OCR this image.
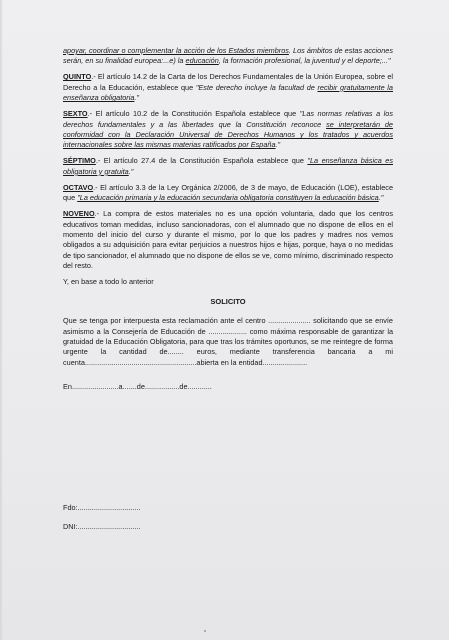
apoyar, coordinar o complementar la acción de los Estados miembros. Los ámbitos de estas acciones serán, en su finalidad europea:...e) la educación, la formación profesional, la juventud y el deporte;..."

QUINTO.- El artículo 14.2 de la Carta de los Derechos Fundamentales de la Unión Europea, sobre el Derecho a la Educación, establece que "Este derecho incluye la facultad de recibir gratuitamente la enseñanza obligatoria."

SEXTO.- El artículo 10.2 de la Constitución Española establece que "Las normas relativas a los derechos fundamentales y a las libertades que la Constitución reconoce se interpretarán de conformidad con la Declaración Universal de Derechos Humanos y los tratados y acuerdos internacionales sobre las mismas materias ratificados por España."

SÉPTIMO.- El artículo 27.4 de la Constitución Española establece que "La enseñanza básica es obligatoria y gratuita."

OCTAVO.- El artículo 3.3 de la Ley Orgánica 2/2006, de 3 de mayo, de Educación (LOE), establece que "La educación primaria y la educación secundaria obligatoria constituyen la educación básica."

NOVENO.- La compra de estos materiales no es una opción voluntaria, dado que los centros educativos toman medidas, incluso sancionadoras, con el alumnado que no dispone de ellos en el momento del inicio del curso y durante el mismo, por lo que los padres y madres nos vemos obligados a su adquisición para evitar perjuicios a nuestros hijos e hijas, porque, haya o no medidas de tipo sancionador, el alumnado que no dispone de ellos se ve, como mínimo, discriminado respecto del resto.

Y, en base a todo lo anterior

SOLICITO

Que se tenga por interpuesta esta reclamación ante el centro ..................... solicitando que se envíe asimismo a la Consejería de Educación de ................... como máxima responsable de garantizar la gratuidad de la Educación Obligatoria, para que tras los trámites oportunos, se me reintegre de forma urgente la cantidad de........ euros, mediante transferencia bancaria a mi cuenta.......................................................abierta en la entidad......................

En.......................a.......de.................de............

Fdo:...............................
DNI:...............................
